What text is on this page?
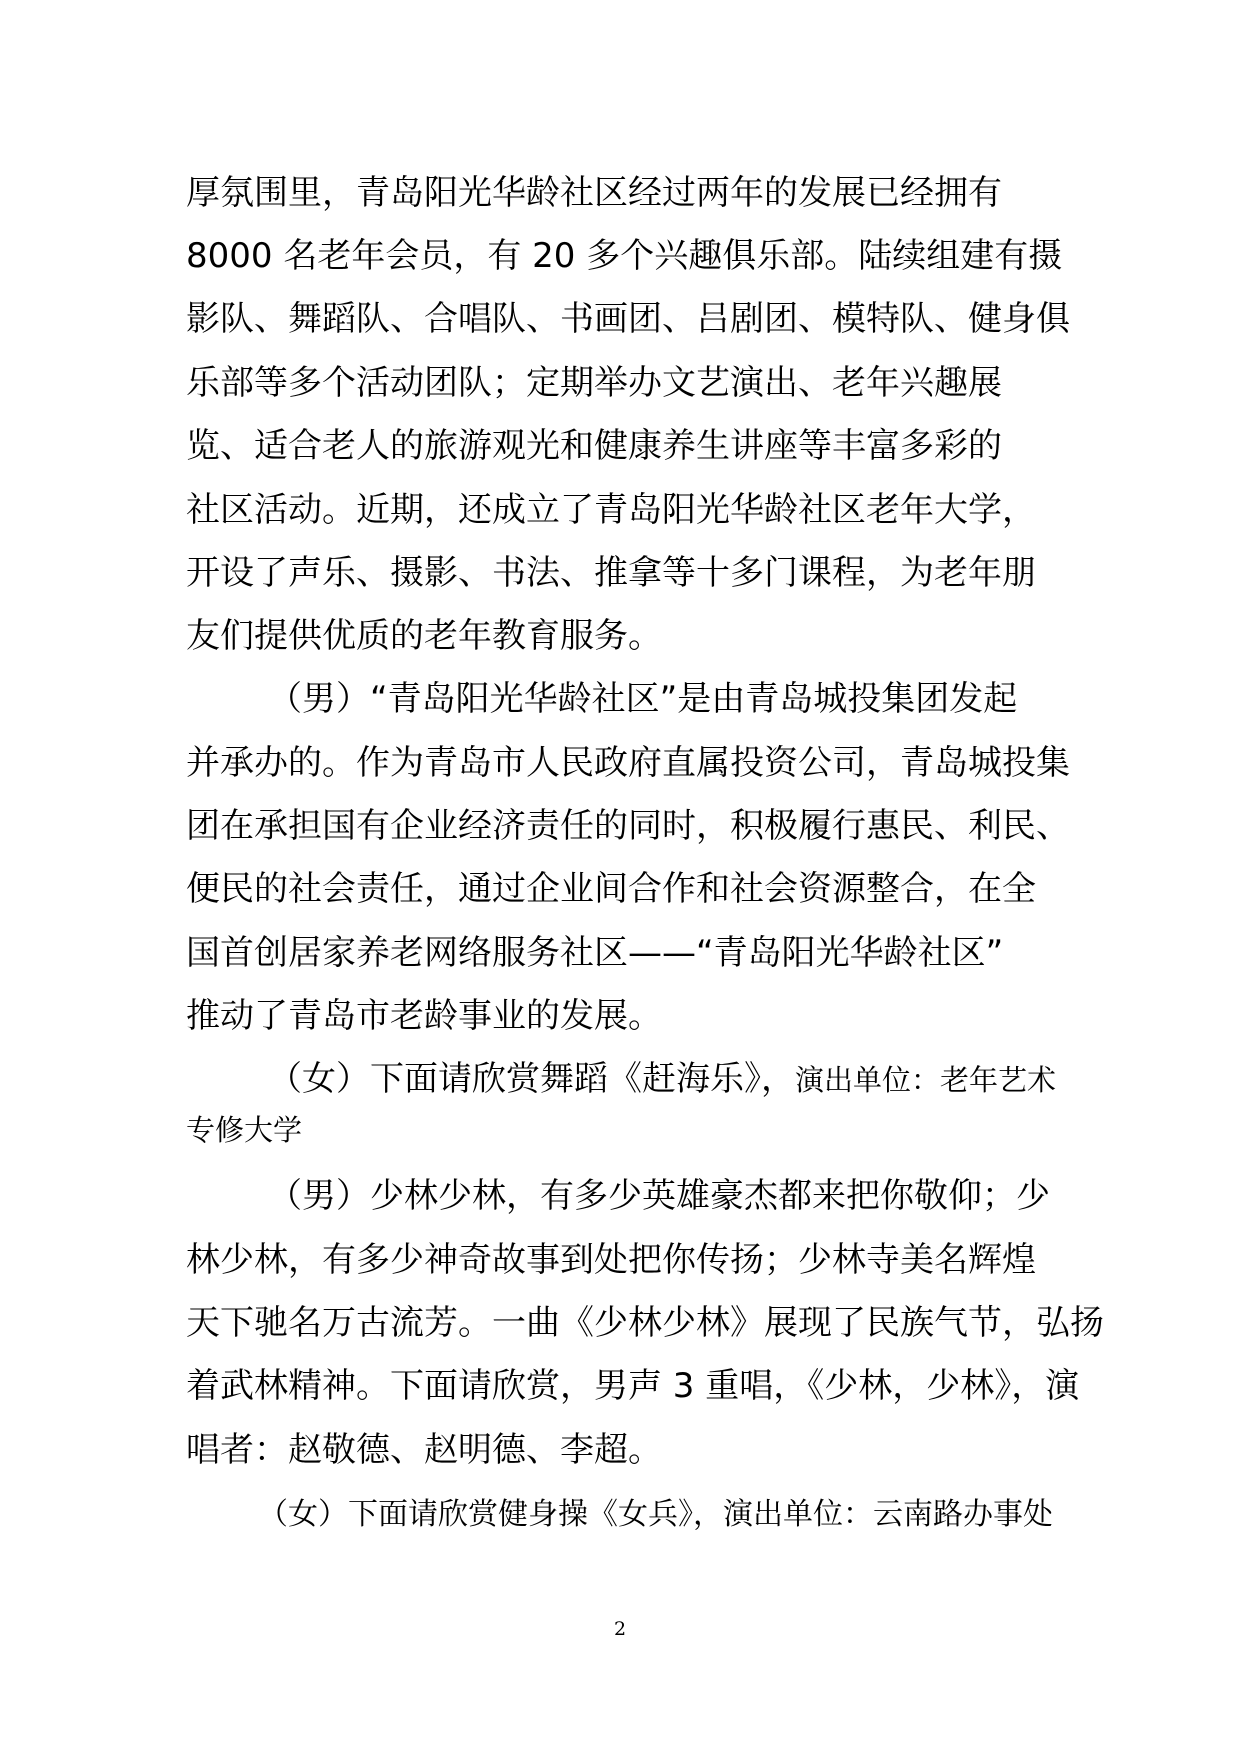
厚氛围里，青岛阳光华龄社区经过两年的发展已经拥有
8000 名老年会员，有 20 多个兴趣俱乐部。陆续组建有摄
影队、舞蹈队、合唱队、书画团、吕剧团、模特队、健身俱
乐部等多个活动团队；定期举办文艺演出、老年兴趣展
览、适合老人的旅游观光和健康养生讲座等丰富多彩的
社区活动。近期，还成立了青岛阳光华龄社区老年大学，
开设了声乐、摄影、书法、推拿等十多门课程，为老年朋
友们提供优质的老年教育服务。
（男）“青岛阳光华龄社区”是由青岛城投集团发起
并承办的。作为青岛市人民政府直属投资公司，青岛城投集
团在承担国有企业经济责任的同时，积极履行惠民、利民、
便民的社会责任，通过企业间合作和社会资源整合，在全
国首创居家养老网络服务社区——“青岛阳光华龄社区”
推动了青岛市老龄事业的发展。
（女）下面请欣赏舞蹈《赶海乐》，演出单位：老年艺术
专修大学
（男）少林少林，有多少英雄豪杰都来把你敬仰；少
林少林，有多少神奇故事到处把你传扬；少林寺美名辉煌
天下驰名万古流芳。一曲《少林少林》展现了民族气节，弘扬
着武林精神。下面请欣赏，男声 3 重唱，《少林，少林》，演
唱者：赵敬德、赵明德、李超。
（女）下面请欣赏健身操《女兵》，演出单位：云南路办事处
2
